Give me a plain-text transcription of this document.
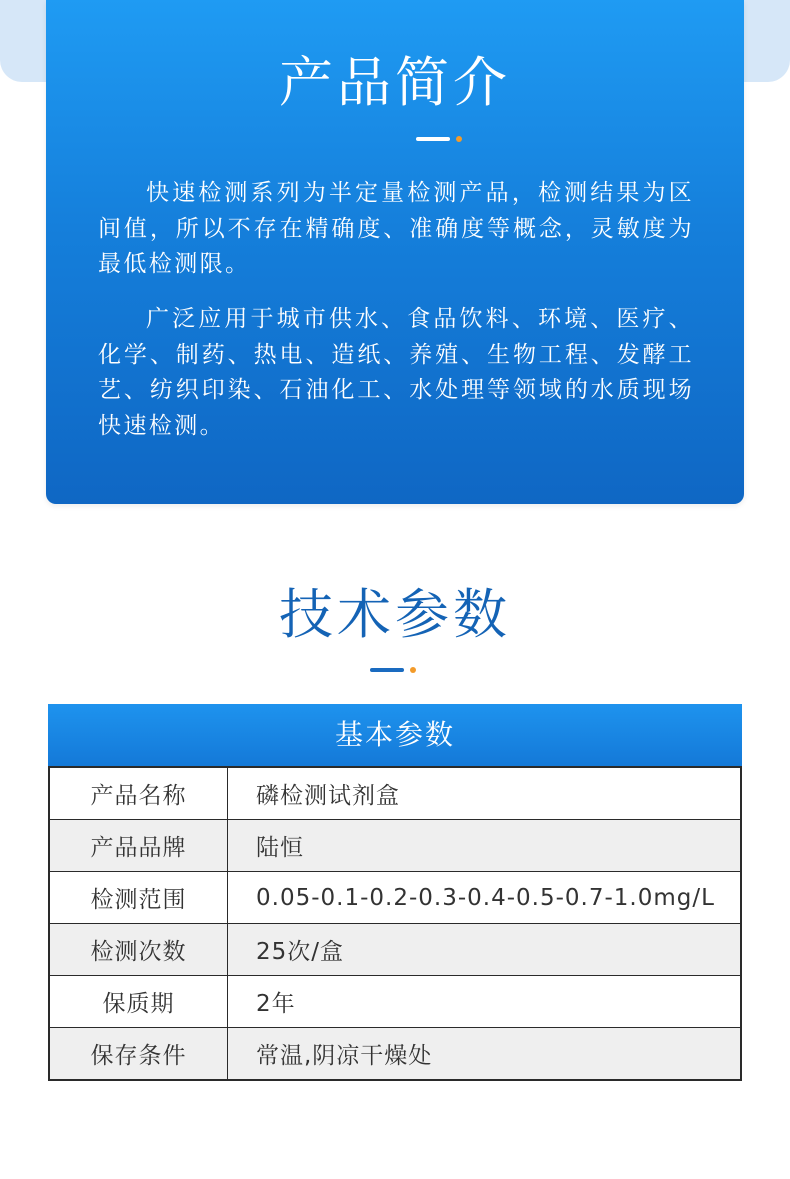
产品简介

快速检测系列为半定量检测产品，检测结果为区间值，所以不存在精确度、准确度等概念，灵敏度为最低检测限。

广泛应用于城市供水、食品饮料、环境、医疗、化学、制药、热电、造纸、养殖、生物工程、发酵工艺、纺织印染、石油化工、水处理等领域的水质现场快速检测。

技术参数
基本参数
产品名称	磷检测试剂盒
产品品牌	陆恒
检测范围	0.05-0.1-0.2-0.3-0.4-0.5-0.7-1.0mg/L
检测次数	25次/盒
保质期	2年
保存条件	常温,阴凉干燥处
